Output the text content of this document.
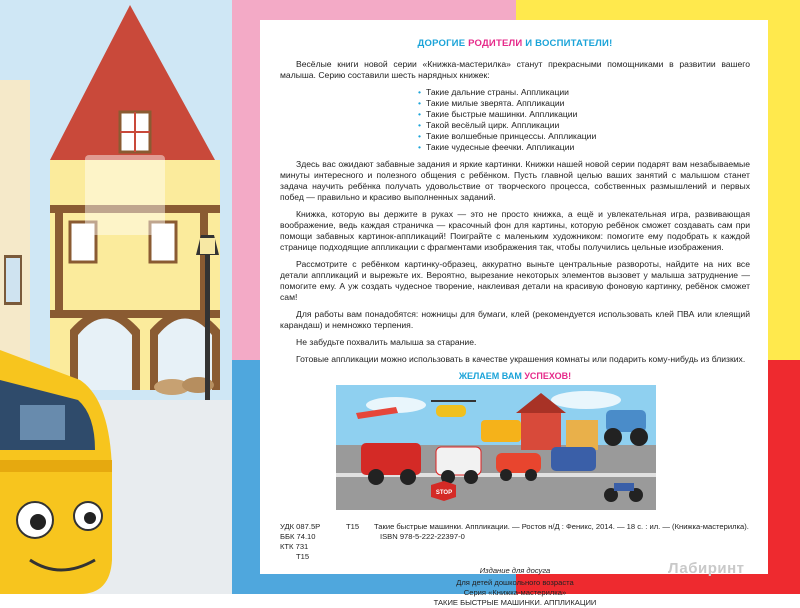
ДОРОГИЕ РОДИТЕЛИ И ВОСПИТАТЕЛИ!

Весёлые книги новой серии «Книжка-мастерилка» станут прекрасными помощниками в развитии вашего малыша. Серию составили шесть нарядных книжек:

• Такие дальние страны. Аппликации
• Такие милые зверята. Аппликации
• Такие быстрые машинки. Аппликации
• Такой весёлый цирк. Аппликации
• Такие волшебные принцессы. Аппликации
• Такие чудесные феечки. Аппликации

Здесь вас ожидают забавные задания и яркие картинки. Книжки нашей новой серии подарят вам незабываемые минуты интересного и полезного общения с ребёнком. Пусть главной целью ваших занятий с малышом станет задача научить ребёнка получать удовольствие от творческого процесса, собственных размышлений и первых побед — правильно и красиво выполненных заданий.

Книжка, которую вы держите в руках — это не просто книжка, а ещё и увлекательная игра, развивающая воображение, ведь каждая страничка — красочный фон для картины, которую ребёнок сможет создавать сам при помощи забавных картинок-аппликаций! Поиграйте с маленьким художником: помогите ему подобрать к каждой странице подходящие аппликации с фрагментами изображения так, чтобы получились цельные изображения.

Рассмотрите с ребёнком картинку-образец, аккуратно выньте центральные развороты, найдите на них все детали аппликаций и вырежьте их. Вероятно, вырезание некоторых элементов вызовет у малыша затруднение — помогите ему. А уж создать чудесное творение, наклеивая детали на красивую фоновую картинку, ребёнок сможет сам!

Для работы вам понадобятся: ножницы для бумаги, клей (рекомендуется использовать клей ПВА или клеящий карандаш) и немножко терпения.

Не забудьте похвалить малыша за старание.

Готовые аппликации можно использовать в качестве украшения комнаты или подарить кому-нибудь из близких.

ЖЕЛАЕМ ВАМ УСПЕХОВ!
STOP
УДК 087.5Р
ББК 74.10
КТК 731
Т15
Т15	Такие быстрые машинки. Аппликации. — Ростов н/Д : Феникс, 2014. — 18 с. : ил. — (Книжка-мастерилка).
ISBN 978-5-222-22397-0
Издание для досуга
Для детей дошкольного возраста
Серия «Книжка-мастерилка»
ТАКИЕ БЫСТРЫЕ МАШИНКИ. АППЛИКАЦИИ
Лабиринт
